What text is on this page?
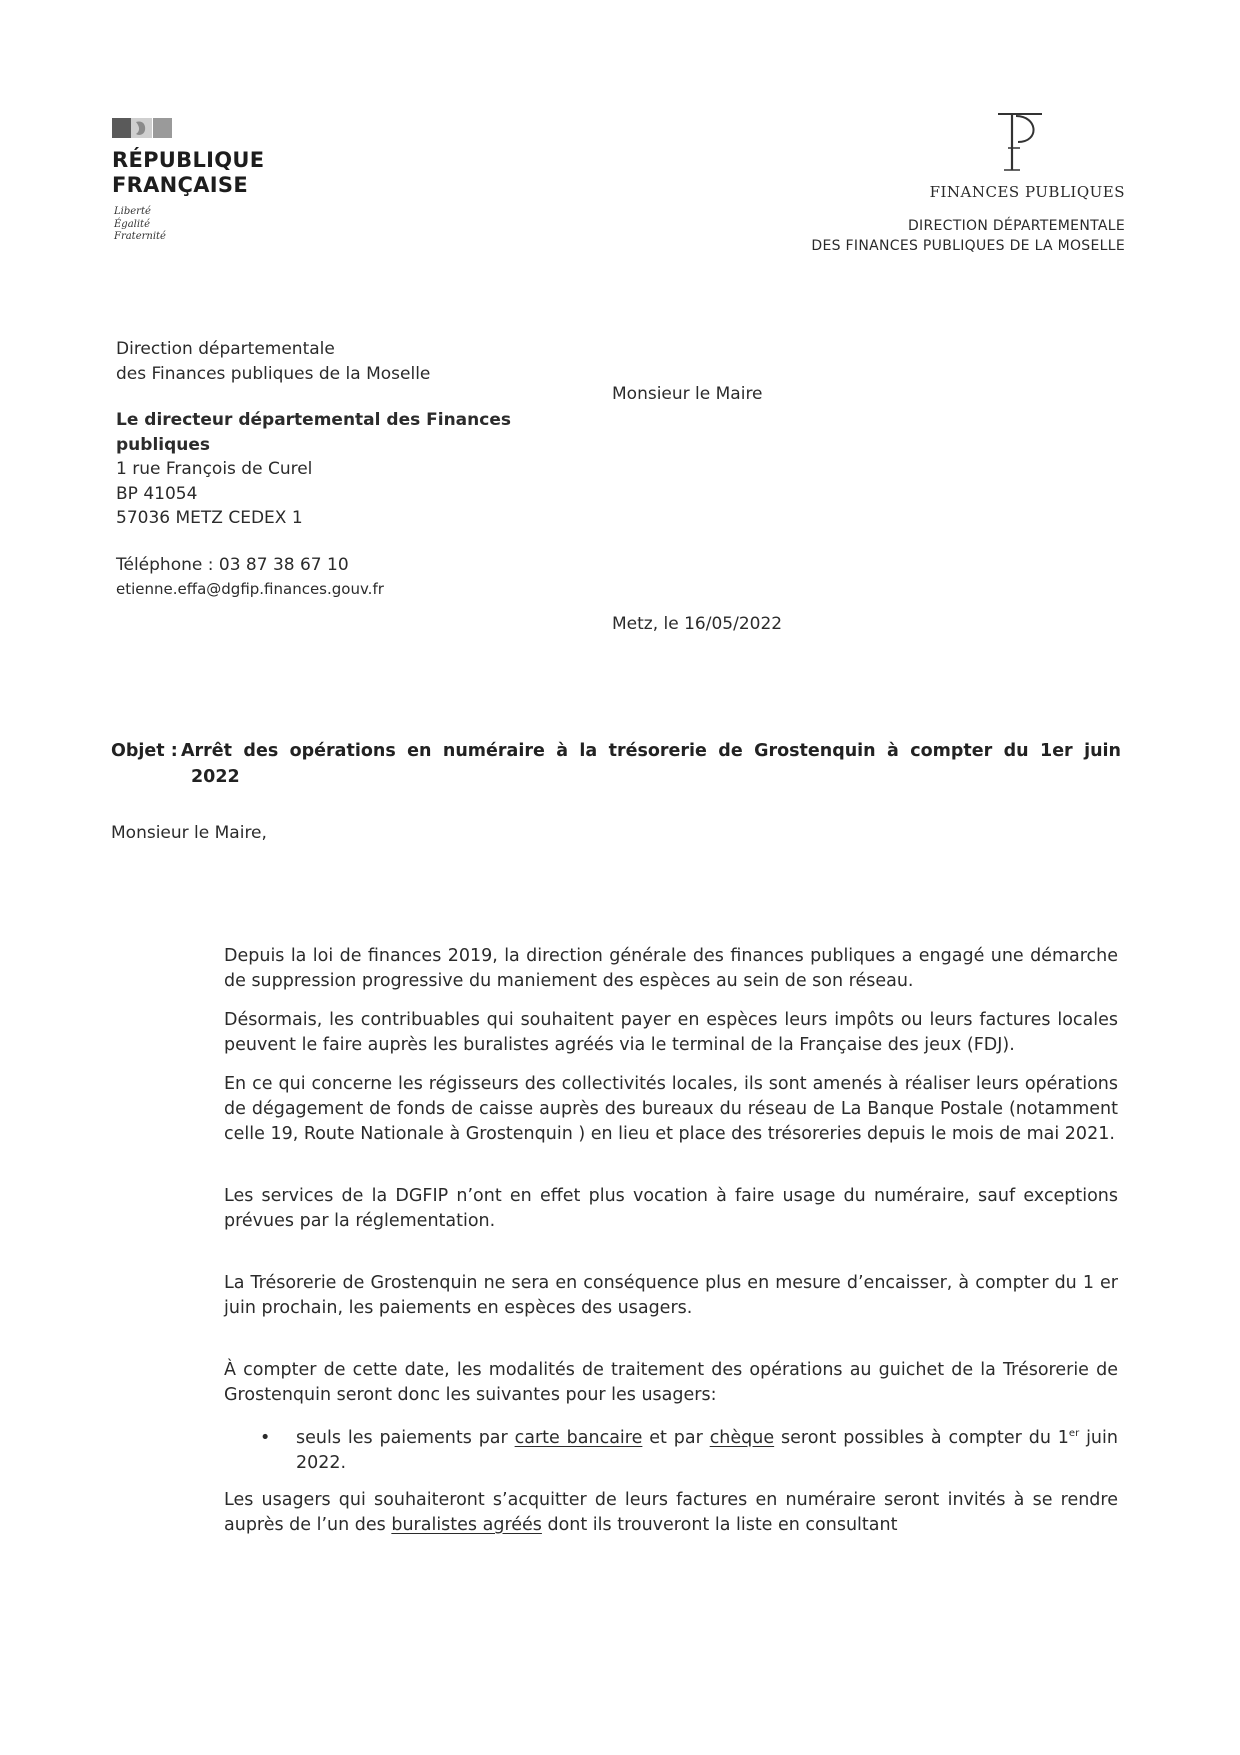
RÉPUBLIQUE
FRANÇAISE
Liberté
Égalité
Fraternité
FINANCES PUBLIQUES
DIRECTION DÉPARTEMENTALE
DES FINANCES PUBLIQUES DE LA MOSELLE
Direction départementale
des Finances publiques de la Moselle
Le directeur départemental des Finances
publiques
1 rue François de Curel
BP 41054
57036 METZ CEDEX 1
Téléphone : 03 87 38 67 10
etienne.effa@dgfip.finances.gouv.fr
Monsieur le Maire
Metz, le 16/05/2022
Objet : Arrêt des opérations en numéraire à la trésorerie de Grostenquin à compter du 1er juin
2022
Monsieur le Maire,

Depuis la loi de finances 2019, la direction générale des finances publiques a engagé une démarche de suppression progressive du maniement des espèces au sein de son réseau.

Désormais, les contribuables qui souhaitent payer en espèces leurs impôts ou leurs factures locales peuvent le faire auprès les buralistes agréés via le terminal de la Française des jeux (FDJ).

En ce qui concerne les régisseurs des collectivités locales, ils sont amenés à réaliser leurs opérations de dégagement de fonds de caisse auprès des bureaux du réseau de La Banque Postale (notamment celle 19, Route Nationale à Grostenquin ) en lieu et place des trésoreries depuis le mois de mai 2021.

Les services de la DGFIP n’ont en effet plus vocation à faire usage du numéraire, sauf exceptions prévues par la réglementation.

La Trésorerie de Grostenquin ne sera en conséquence plus en mesure d’encaisser, à compter du 1 er juin prochain, les paiements en espèces des usagers.

À compter de cette date, les modalités de traitement des opérations au guichet de la Trésorerie de Grostenquin seront donc les suivantes pour les usagers:

• seuls les paiements par carte bancaire et par chèque seront possibles à compter du 1er juin 2022.

Les usagers qui souhaiteront s’acquitter de leurs factures en numéraire seront invités à se rendre auprès de l’un des buralistes agréés dont ils trouveront la liste en consultant
